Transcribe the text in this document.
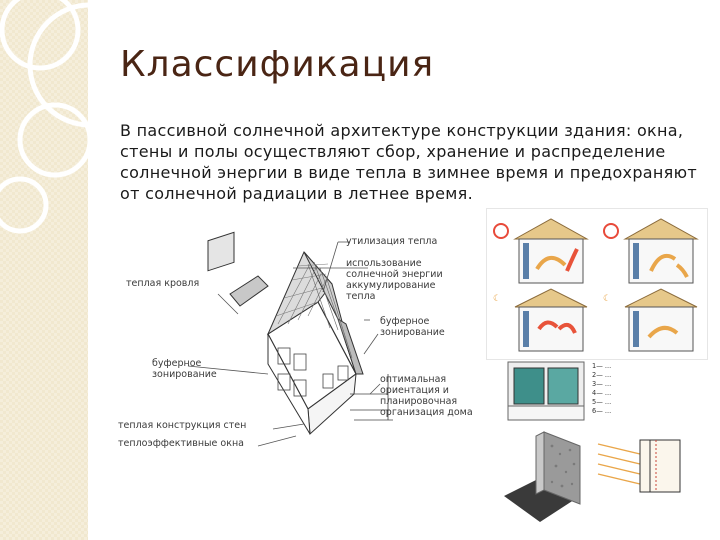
Классификация

В пассивной солнечной архитектуре конструкции здания: окна, стены и полы осуществляют сбор, хранение и распределение солнечной энергии в виде тепла в зимнее время и предохраняют от солнечной радиации в летнее время.

теплая кровля
утилизация тепла
использование
солнечной энергии
аккумулирование
тепла
буферное
зонирование
буферное
зонирование	оптимальная
ориентация и
планировочная
организация дома
теплая конструкция стен
теплоэффективные окна
☾	☾
1— ...
2— ...
3— ...
4— ...
5— ...
6— ...
